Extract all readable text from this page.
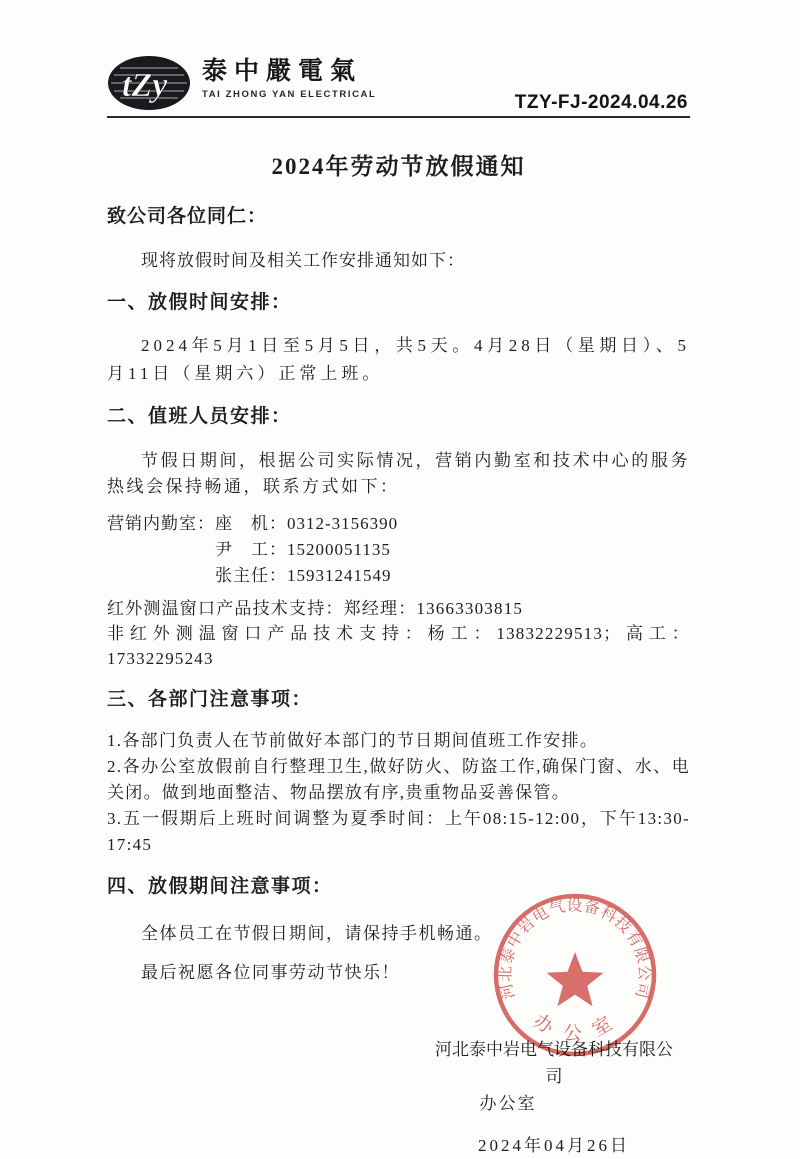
tZy 泰中嚴電氣
TAI ZHONG YAN ELECTRICAL	TZY-FJ-2024.04.26
2024年劳动节放假通知

致公司各位同仁：

现将放假时间及相关工作安排通知如下：

一、放假时间安排：

2024年5月1日至5月5日，共5天。4月28日（星期日）、5月11日（星期六）正常上班。

二、值班人员安排：

节假日期间，根据公司实际情况，营销内勤室和技术中心的服务热线会保持畅通，联系方式如下：

营销内勤室： 座　机：0312-3156390
尹　工：15200051135
张主任：15931241549

红外测温窗口产品技术支持：郑经理：13663303815

非红外测温窗口产品技术支持：杨工：13832229513；高工：17332295243

三、各部门注意事项：

1.各部门负责人在节前做好本部门的节日期间值班工作安排。

2.各办公室放假前自行整理卫生,做好防火、防盗工作,确保门窗、水、电关闭。做到地面整洁、物品摆放有序,贵重物品妥善保管。

3.五一假期后上班时间调整为夏季时间：上午08:15-12:00，下午13:30-17:45

四、放假期间注意事项：

全体员工在节假日期间，请保持手机畅通。

最后祝愿各位同事劳动节快乐！

河北泰中岩电气设备科技有限公司
办公室
2024年04月26日
河北泰中岩电气设备科技有限公司
办 公 室
